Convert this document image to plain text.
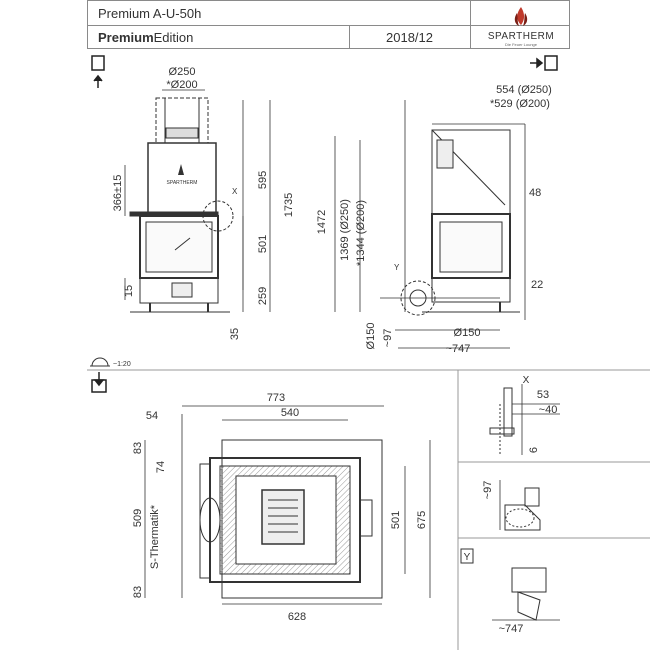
Premium A-U-50h
Premium Edition	2018/12	SPARTHERM
Die Feuer Lounge
SPARTHERM
Ø250
*Ø200
X
366±15	595
1735
501
259
15
35
554 (Ø250)
*529 (Ø200)
48
1472 1369 (Ø250) *1344 (Ø200)
22
Y
Ø150 ~97	Ø150
~747
~1:20
773
540
54
83
74
509 S-Thermatik*	501 675
83
628
X
53
~40
6
~97
Y
~747
